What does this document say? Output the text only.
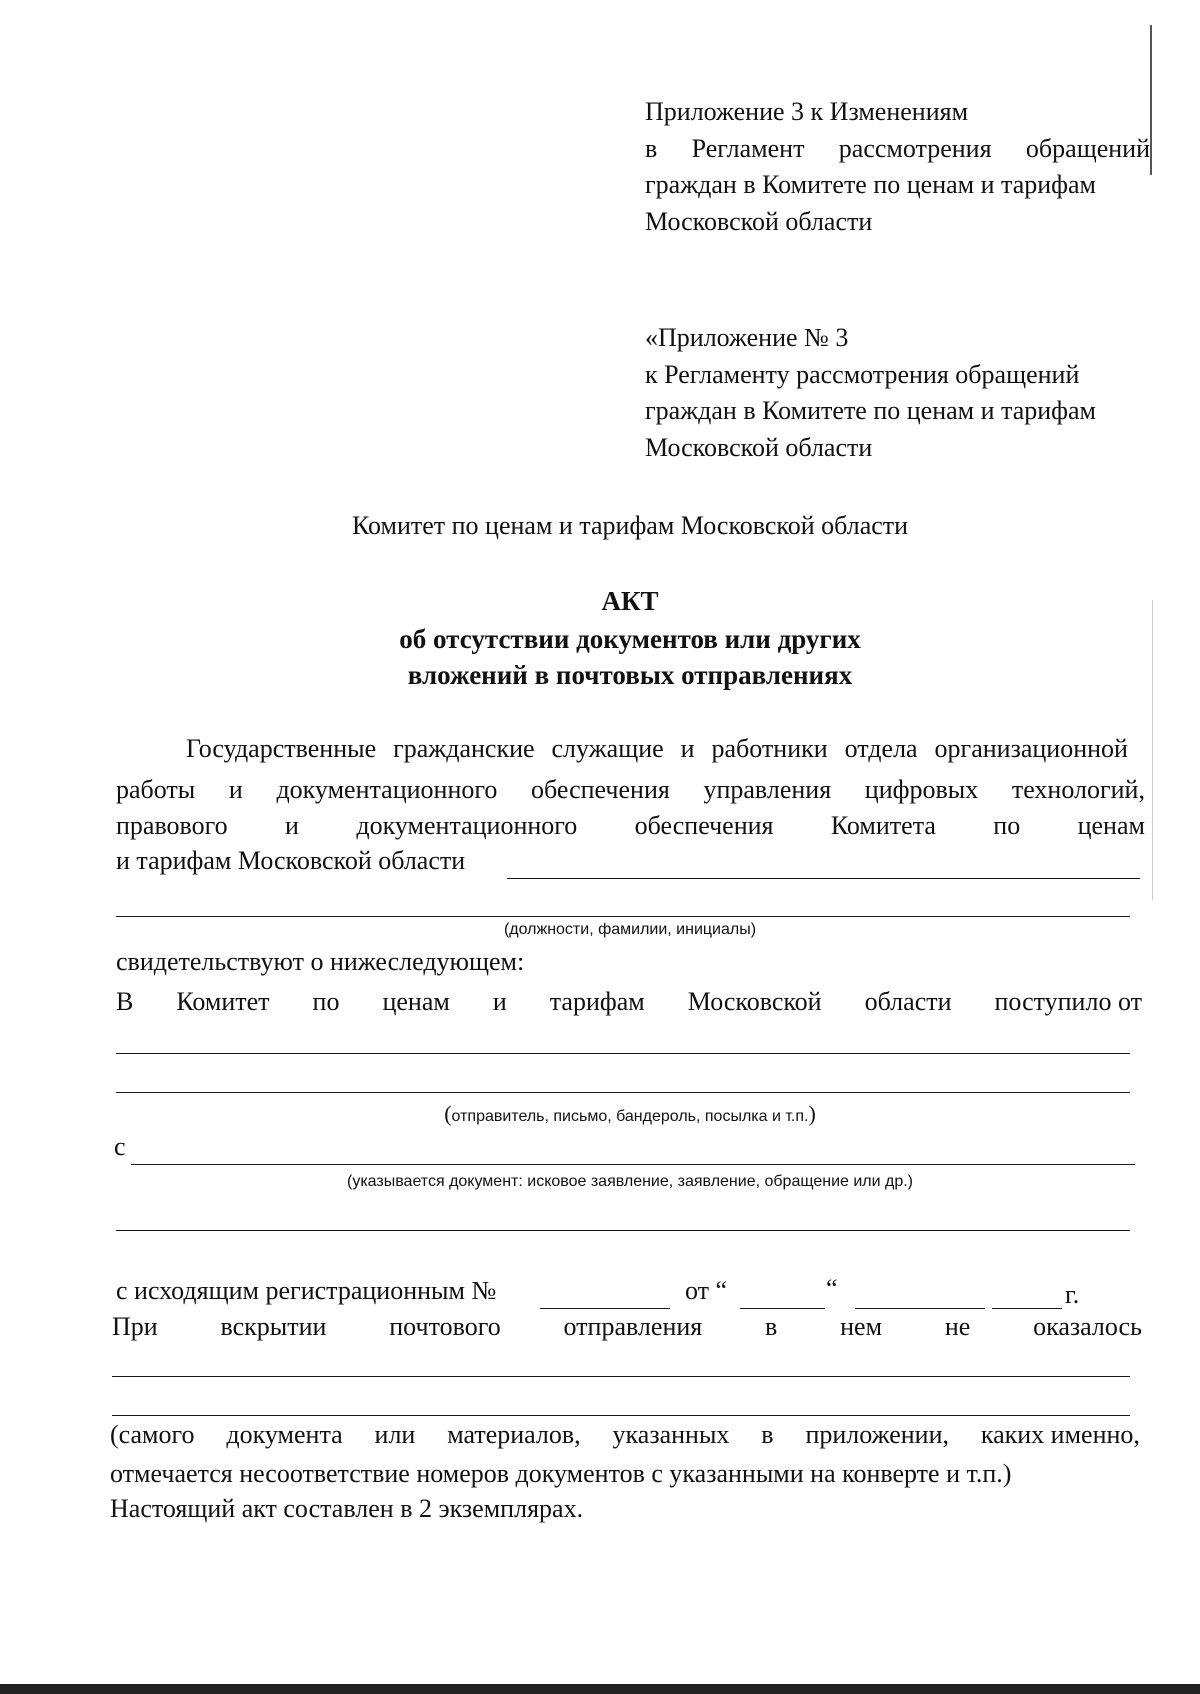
Приложение 3 к Изменениям
в Регламент рассмотрения обращений
граждан в Комитете по ценам и тарифам
Московской области
«Приложение № 3
к Регламенту рассмотрения обращений
граждан в Комитете по ценам и тарифам
Московской области
Комитет по ценам и тарифам Московской области
АКТ
об отсутствии документов или других
вложений в почтовых отправлениях
Государственные гражданские служащие и работники отдела организационной
работы и документационного обеспечения управления цифровых технологий,
правового и документационного обеспечения Комитета по ценам
и тарифам Московской области
(должности, фамилии, инициалы)
свидетельствуют о нижеследующем:
В Комитет по ценам и тарифам Московской области поступило от
(отправитель, письмо, бандероль, посылка и т.п.)
с
(указывается документ: исковое заявление, заявление, обращение или др.)
с исходящим регистрационным №	от “	“	г.
При вскрытии почтового отправления в нем не оказалось
(самого документа или материалов, указанных в приложении, каких именно,
отмечается несоответствие номеров документов с указанными на конверте и т.п.)
Настоящий акт составлен в 2 экземплярах.
